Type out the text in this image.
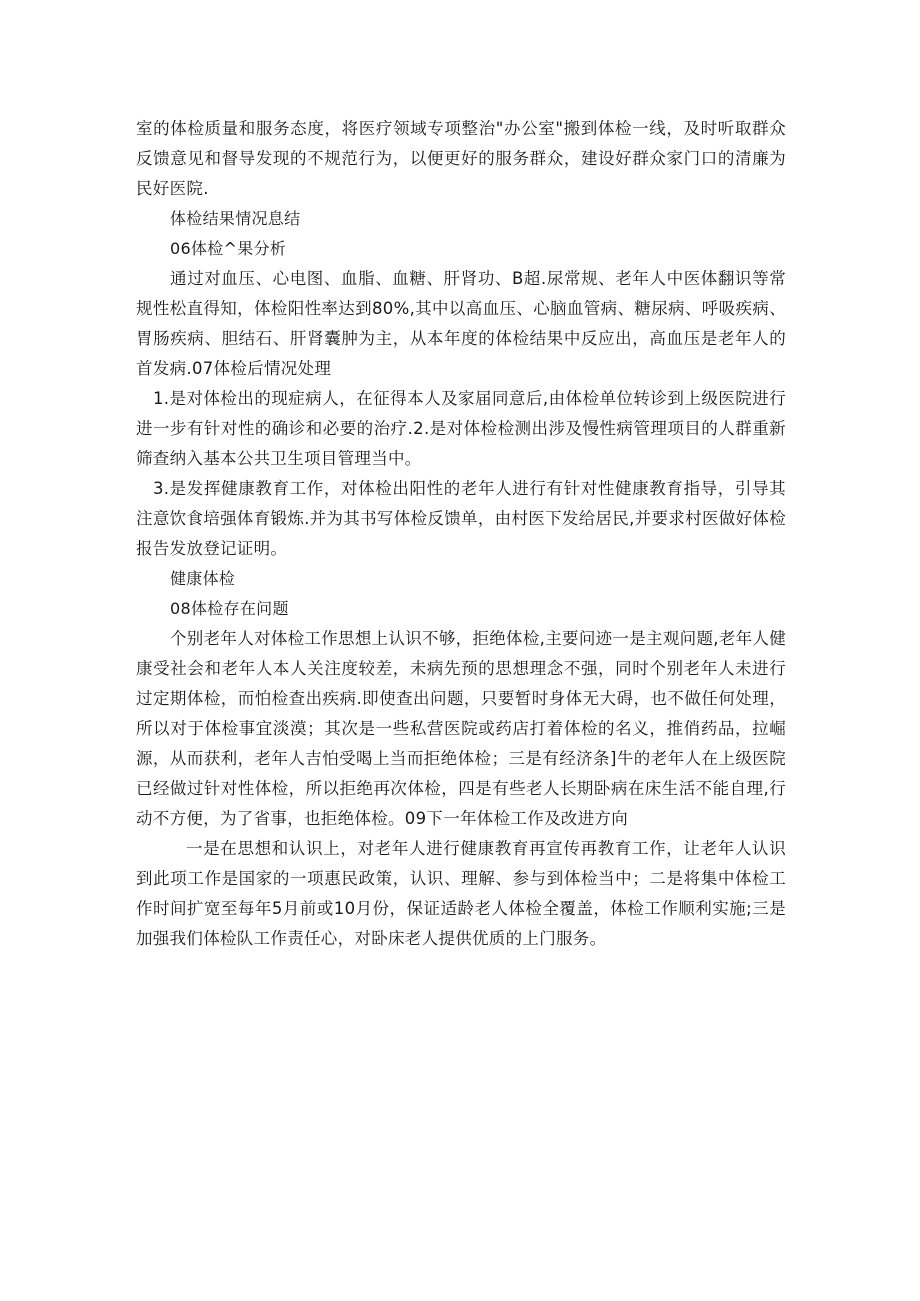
室的体检质量和服务态度，将医疗领域专项整治"办公室"搬到体检一线，及时听取群众反馈意见和督导发现的不规范行为，以便更好的服务群众，建设好群众家门口的清廉为民好医院.

体检结果情况息结

06体检^果分析

通过对血压、心电图、血脂、血糖、肝肾功、B超.尿常规、老年人中医体翻识等常规性松直得知，体检阳性率达到80%,其中以高血压、心脑血管病、糖尿病、呼吸疾病、胃肠疾病、胆结石、肝肾囊肿为主，从本年度的体检结果中反应出，高血压是老年人的首发病.07体检后情况处理

1.是对体检出的现症病人，在征得本人及家届同意后,由体检单位转诊到上级医院进行进一步有针对性的确诊和必要的治疗.2.是对体检检测出涉及慢性病管理项目的人群重新筛查纳入基本公共卫生项目管理当中。

3.是发挥健康教育工作，对体检出阳性的老年人进行有针对性健康教育指导，引导其注意饮食培强体育锻炼.并为其书写体检反馈单，由村医下发给居民,并要求村医做好体检报告发放登记证明。

健康体检

08体检存在问题

个别老年人对体检工作思想上认识不够，拒绝体检,主要问迹一是主观问题,老年人健康受社会和老年人本人关注度较差，未病先预的思想理念不强，同时个别老年人未进行过定期体检，而怕检查出疾病.即使查出问题，只要暂时身体无大碍，也不做任何处理，所以对于体检事宜淡漠；其次是一些私营医院或药店打着体检的名义，推俏药品，拉崛源，从而获利，老年人吉怕受喝上当而拒绝体检；三是有经济条]牛的老年人在上级医院已经做过针对性体检，所以拒绝再次体检，四是有些老人长期卧病在床生活不能自理,行动不方便，为了省事，也拒绝体检。09下一年体检工作及改进方向

一是在思想和认识上，对老年人进行健康教育再宣传再教育工作，让老年人认识到此项工作是国家的一项惠民政策，认识、理解、参与到体检当中；二是将集中体检工作时间扩宽至每年5月前或10月份，保证适龄老人体检全覆盖，体检工作顺利实施;三是加强我们体检队工作责任心，对卧床老人提供优质的上门服务。
